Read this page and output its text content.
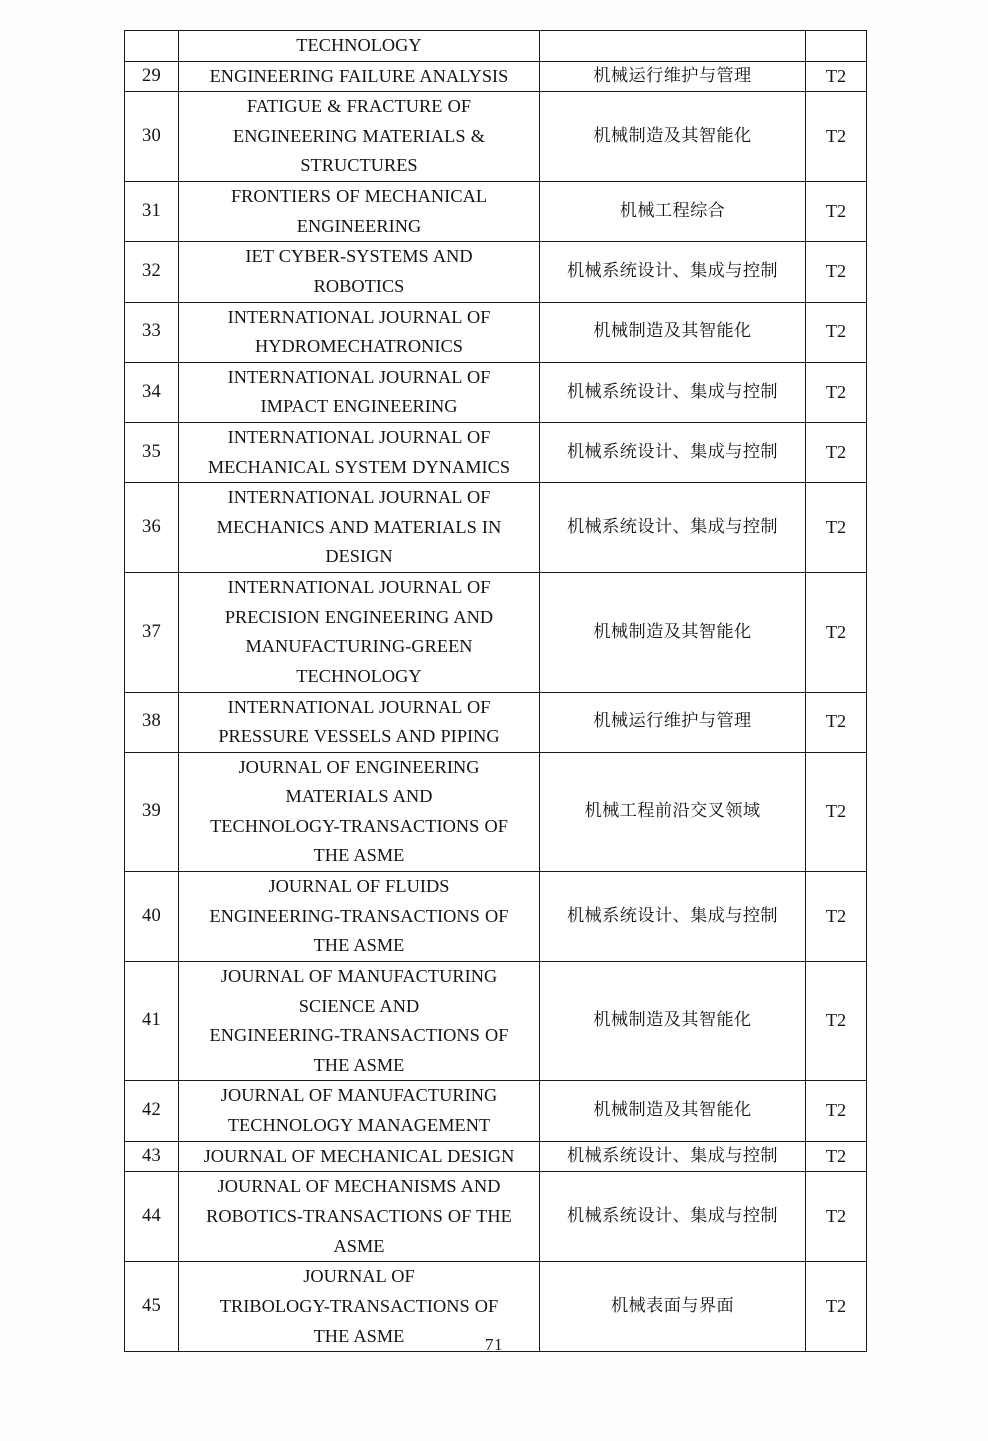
	TECHNOLOGY		

29	ENGINEERING FAILURE ANALYSIS	机械运行维护与管理	T2
30	FATIGUE & FRACTURE OF
ENGINEERING MATERIALS &
STRUCTURES	机械制造及其智能化	T2
31	FRONTIERS OF MECHANICAL
ENGINEERING	机械工程综合	T2
32	IET CYBER-SYSTEMS AND
ROBOTICS	机械系统设计、集成与控制	T2
33	INTERNATIONAL JOURNAL OF
HYDROMECHATRONICS	机械制造及其智能化	T2
34	INTERNATIONAL JOURNAL OF
IMPACT ENGINEERING	机械系统设计、集成与控制	T2
35	INTERNATIONAL JOURNAL OF
MECHANICAL SYSTEM DYNAMICS	机械系统设计、集成与控制	T2
36	INTERNATIONAL JOURNAL OF
MECHANICS AND MATERIALS IN
DESIGN	机械系统设计、集成与控制	T2
37	INTERNATIONAL JOURNAL OF
PRECISION ENGINEERING AND
MANUFACTURING-GREEN
TECHNOLOGY	机械制造及其智能化	T2
38	INTERNATIONAL JOURNAL OF
PRESSURE VESSELS AND PIPING	机械运行维护与管理	T2
39	JOURNAL OF ENGINEERING
MATERIALS AND
TECHNOLOGY-TRANSACTIONS OF
THE ASME	机械工程前沿交叉领域	T2
40	JOURNAL OF FLUIDS
ENGINEERING-TRANSACTIONS OF
THE ASME	机械系统设计、集成与控制	T2
41	JOURNAL OF MANUFACTURING
SCIENCE AND
ENGINEERING-TRANSACTIONS OF
THE ASME	机械制造及其智能化	T2
42	JOURNAL OF MANUFACTURING
TECHNOLOGY MANAGEMENT	机械制造及其智能化	T2
43	JOURNAL OF MECHANICAL DESIGN	机械系统设计、集成与控制	T2
44	JOURNAL OF MECHANISMS AND
ROBOTICS-TRANSACTIONS OF THE
ASME	机械系统设计、集成与控制	T2
45	JOURNAL OF
TRIBOLOGY-TRANSACTIONS OF
THE ASME	机械表面与界面	T2
71
